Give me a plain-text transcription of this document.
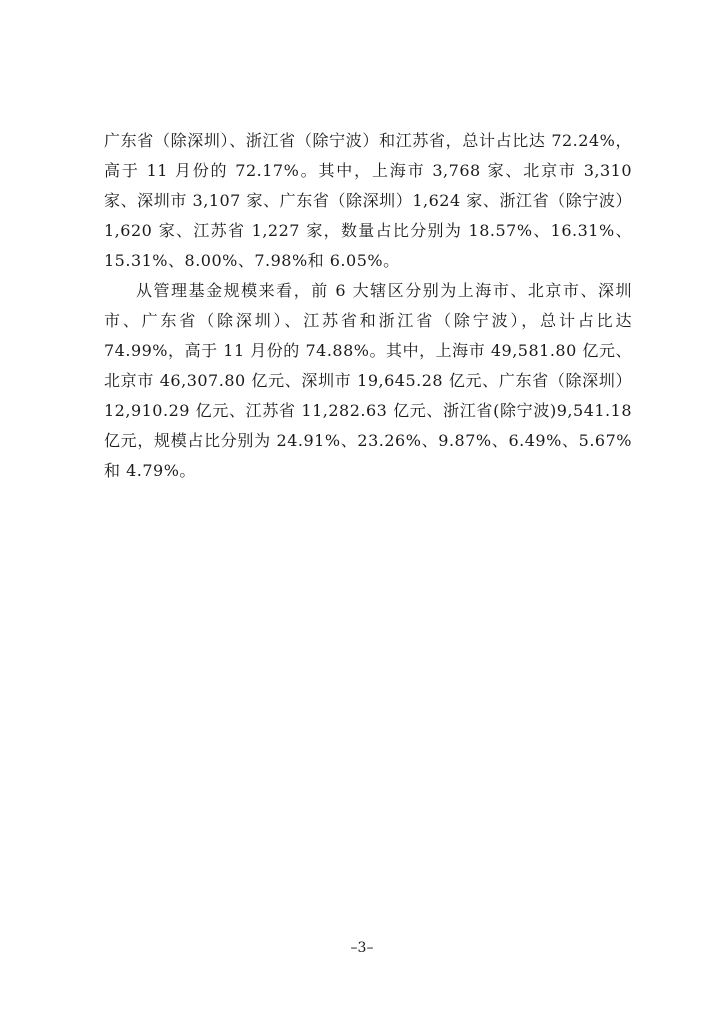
广东省（除深圳）、浙江省（除宁波）和江苏省，总计占比达 72.24%，高于 11 月份的 72.17%。其中，上海市 3,768 家、北京市 3,310 家、深圳市 3,107 家、广东省（除深圳）1,624 家、浙江省（除宁波）1,620 家、江苏省 1,227 家，数量占比分别为 18.57%、16.31%、15.31%、8.00%、7.98%和 6.05%。

从管理基金规模来看，前 6 大辖区分别为上海市、北京市、深圳市、广东省（除深圳）、江苏省和浙江省（除宁波），总计占比达 74.99%，高于 11 月份的 74.88%。其中，上海市 49,581.80 亿元、北京市 46,307.80 亿元、深圳市 19,645.28 亿元、广东省（除深圳）12,910.29 亿元、江苏省 11,282.63 亿元、浙江省(除宁波)9,541.18 亿元，规模占比分别为 24.91%、23.26%、9.87%、6.49%、5.67%和 4.79%。

–3–
